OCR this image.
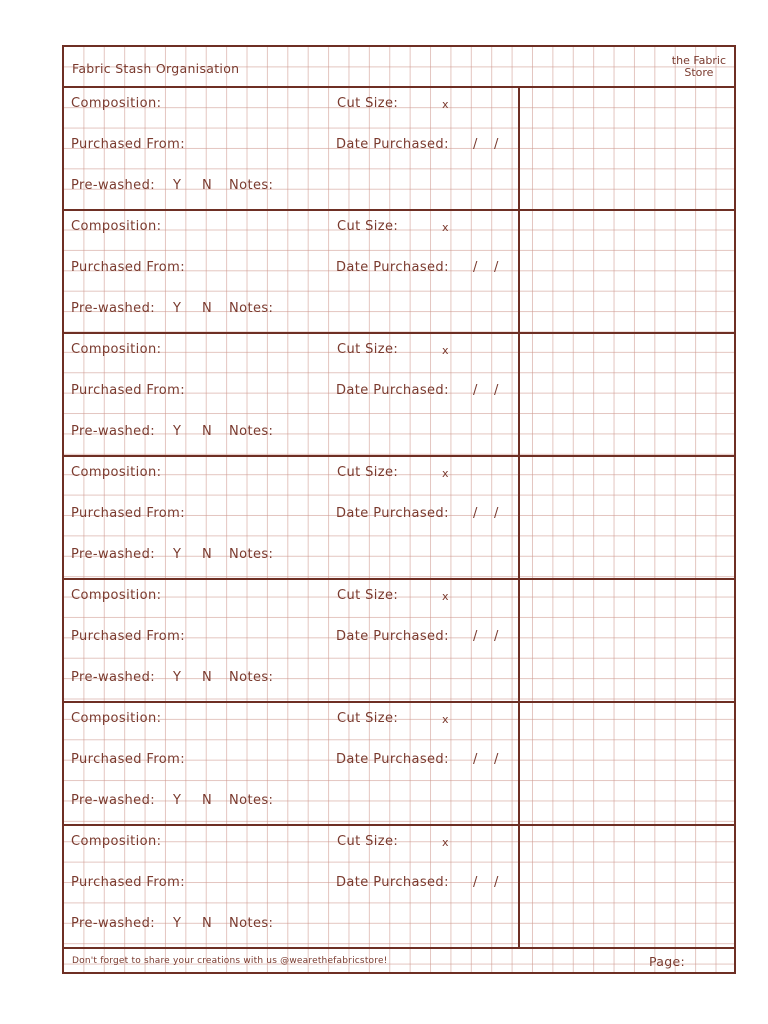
Fabric Stash Organisation
the Fabric
Store
Composition:	Cut Size:	x
Purchased From:	Date Purchased: / /
Pre-washed: Y N Notes:
Composition:	Cut Size:	x
Purchased From:	Date Purchased: / /
Pre-washed: Y N Notes:
Composition:	Cut Size:	x
Purchased From:	Date Purchased: / /
Pre-washed: Y N Notes:
Composition:	Cut Size:	x
Purchased From:	Date Purchased: / /
Pre-washed: Y N Notes:
Composition:	Cut Size:	x
Purchased From:	Date Purchased: / /
Pre-washed: Y N Notes:
Composition:	Cut Size:	x
Purchased From:	Date Purchased: / /
Pre-washed: Y N Notes:
Composition:	Cut Size:	x
Purchased From:	Date Purchased: / /
Pre-washed: Y N Notes:
Don't forget to share your creations with us @wearethefabricstore!	Page:
